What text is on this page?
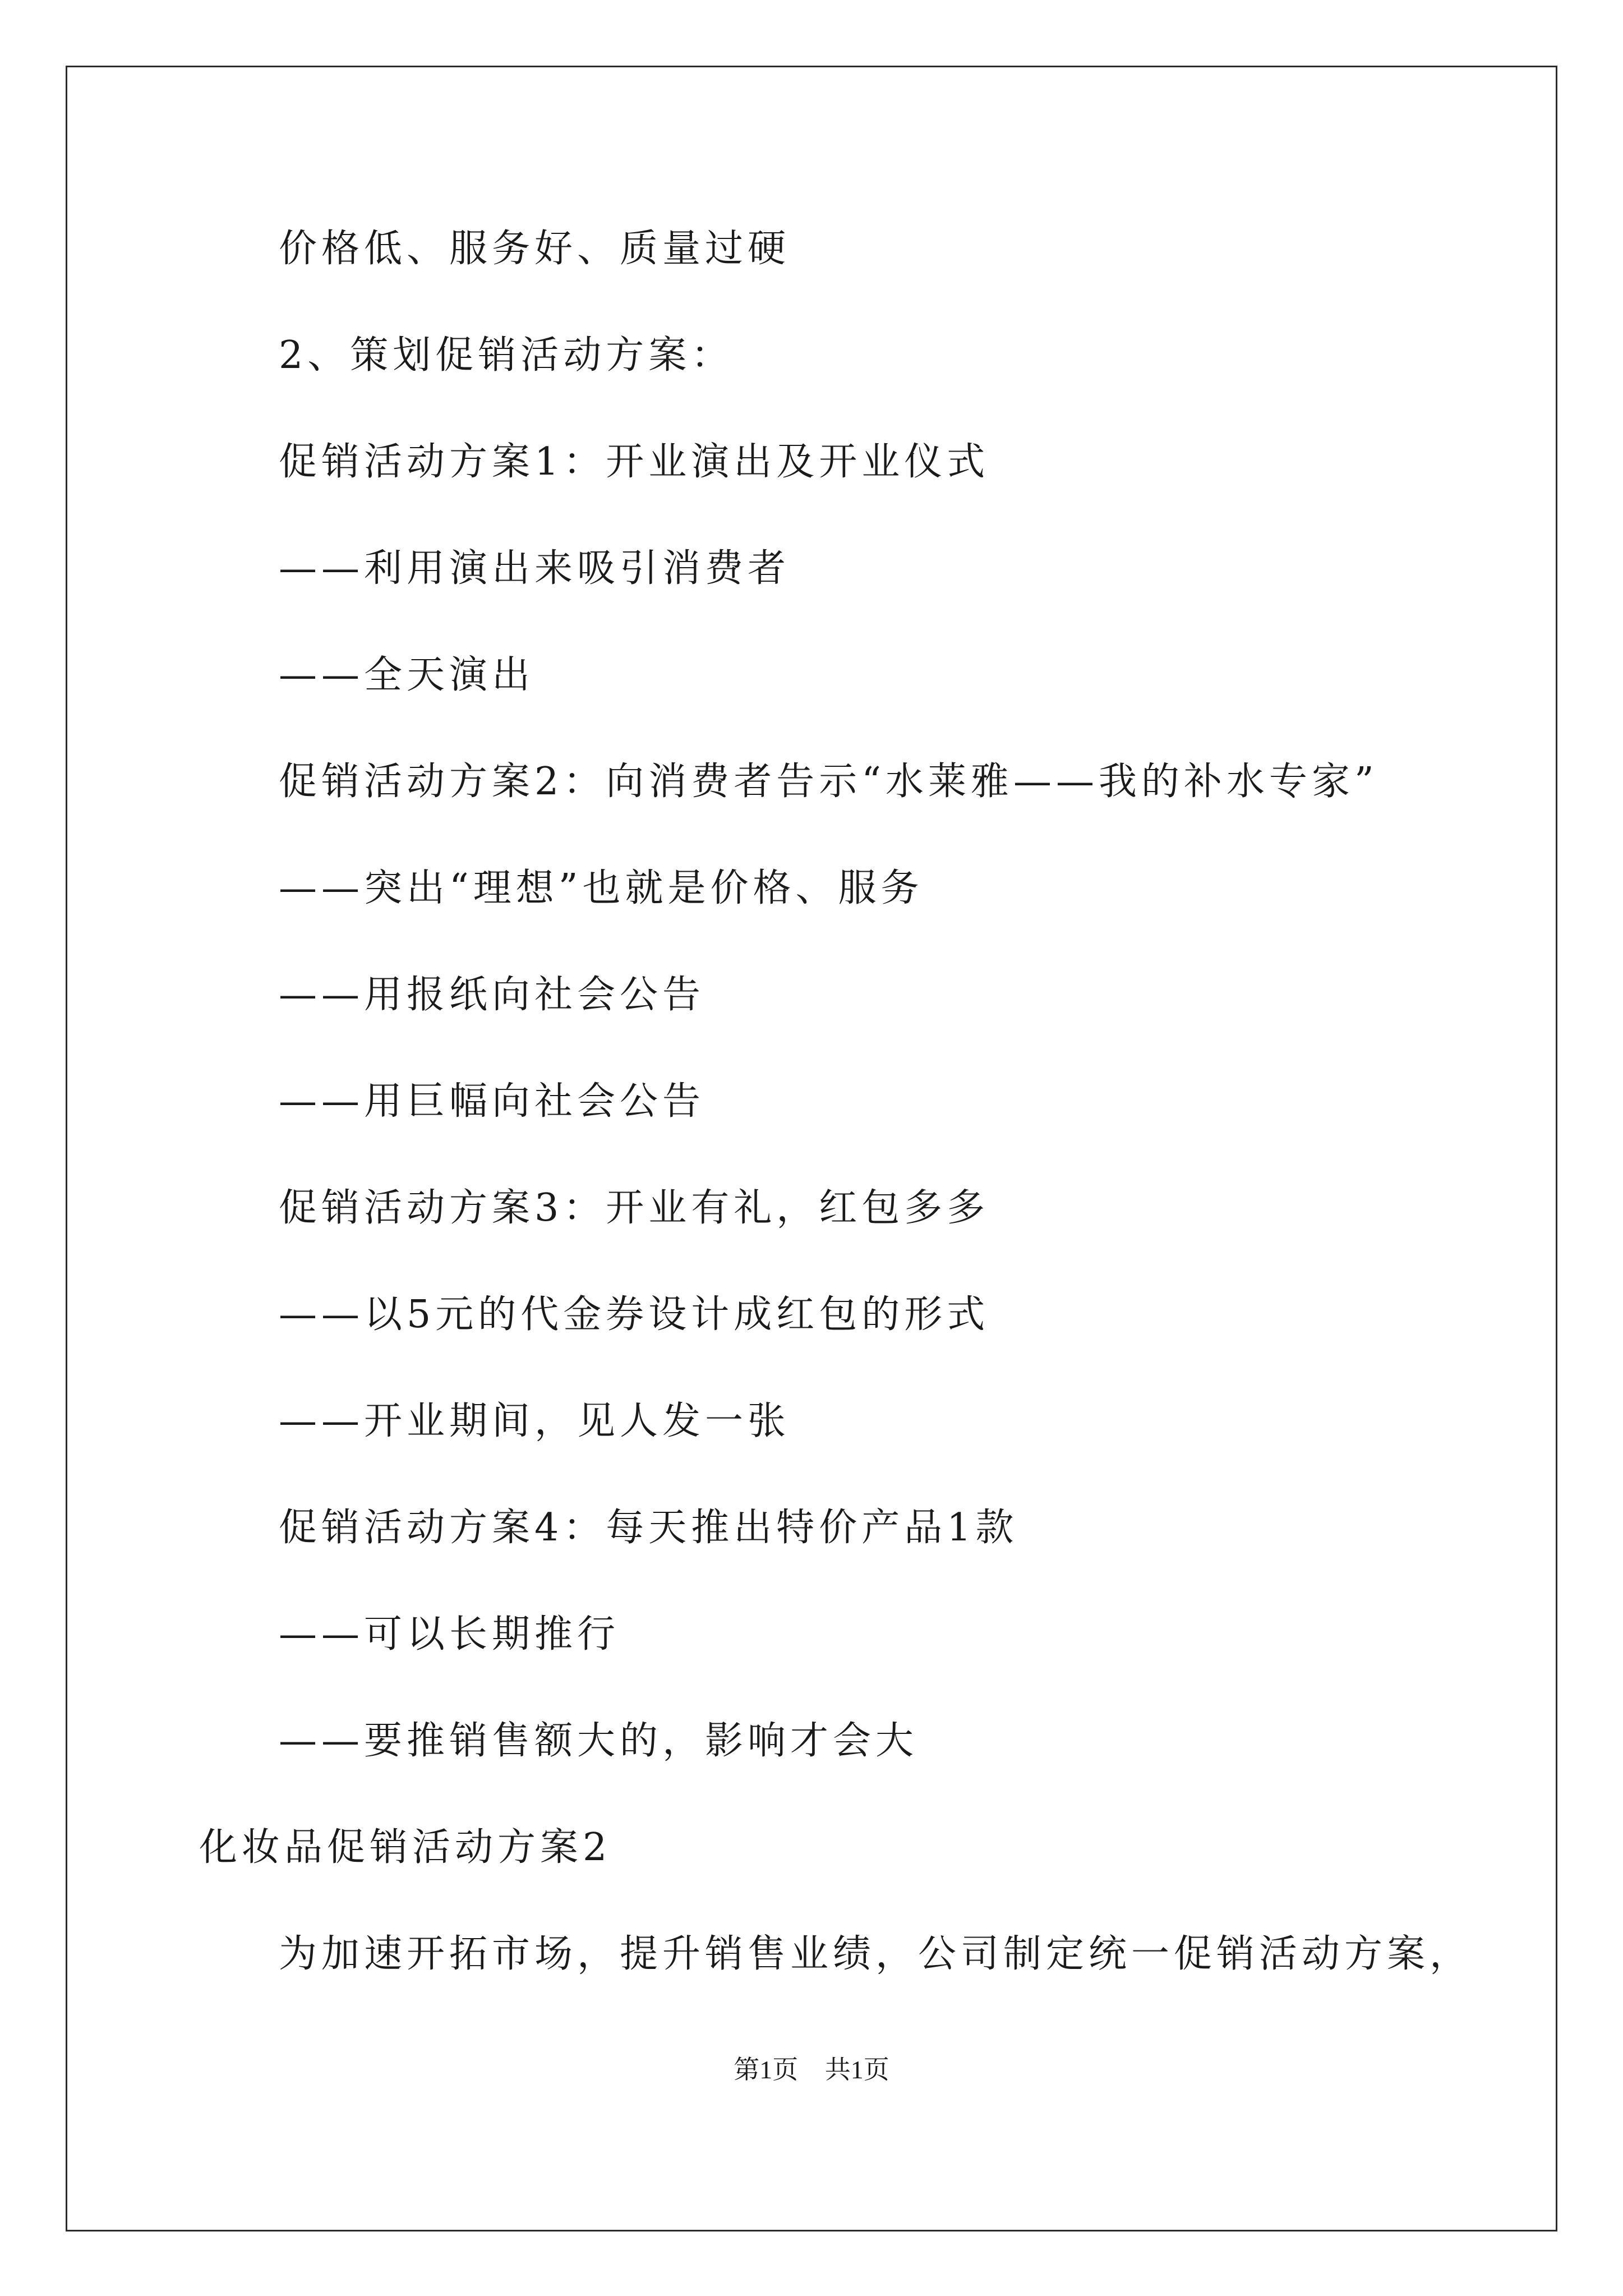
价格低、服务好、质量过硬
2、策划促销活动方案：
促销活动方案1：开业演出及开业仪式
——利用演出来吸引消费者
——全天演出
促销活动方案2：向消费者告示“水莱雅——我的补水专家”
——突出“理想”也就是价格、服务
——用报纸向社会公告
——用巨幅向社会公告
促销活动方案3：开业有礼，红包多多
——以5元的代金券设计成红包的形式
——开业期间，见人发一张
促销活动方案4：每天推出特价产品1款
——可以长期推行
——要推销售额大的，影响才会大
化妆品促销活动方案2
为加速开拓市场，提升销售业绩，公司制定统一促销活动方案，
第1页 共1页
